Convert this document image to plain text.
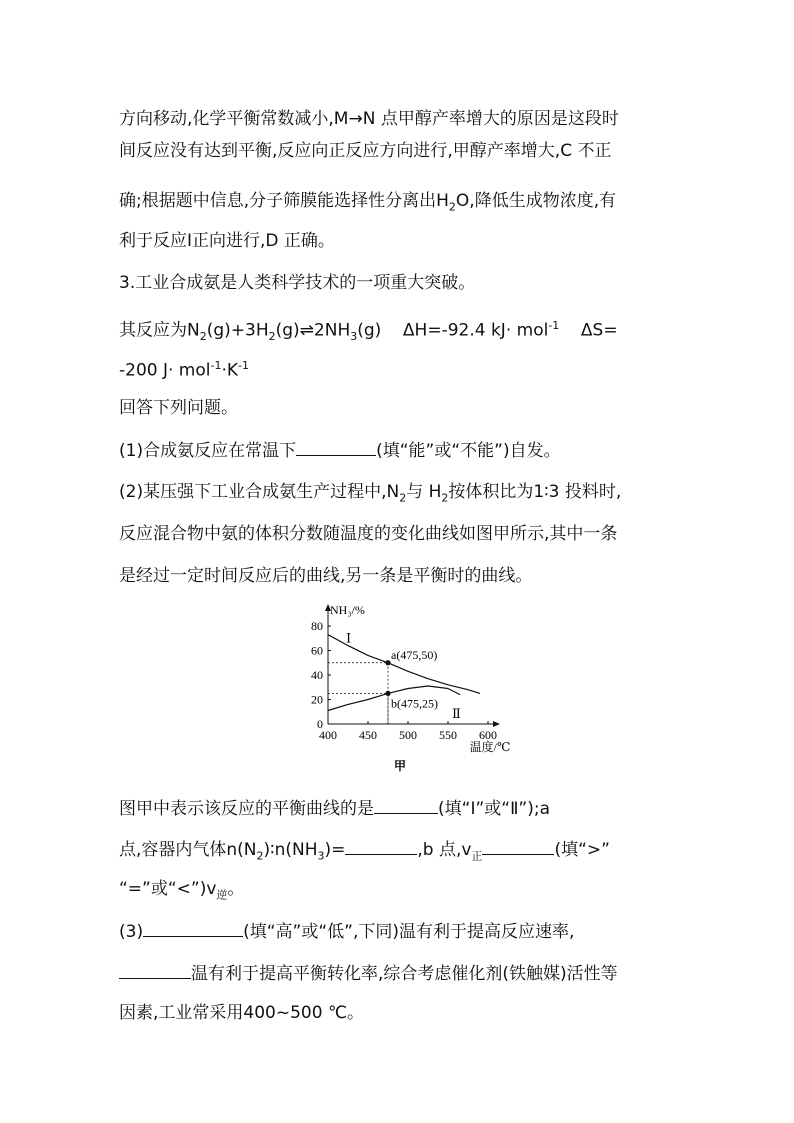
方向移动,化学平衡常数减小,M→N 点甲醇产率增大的原因是这段时
间反应没有达到平衡,反应向正反应方向进行,甲醇产率增大,C 不正
确;根据题中信息,分子筛膜能选择性分离出$H_2O$,降低生成物浓度,有
利于反应Ⅰ正向进行,D 正确。
3.工业合成氨是人类科学技术的一项重大突破。
其反应为$N_2(g)+3H_2(g)\rightleftharpoons 2NH_3(g)$    ΔH=-92.4 kJ· mol$^{-1}$    ΔS=
-200 $J\cdot mol^{-1}\cdot K^{-1}$
回答下列问题。
(1)合成氨反应在常温下	(填“能”或“不能”)自发。
(2)某压强下工业合成氨生产过程中$,N_2$与 $H_2$按体积比为1∶3 投料时,
反应混合物中氨的体积分数随温度的变化曲线如图甲所示,其中一条
是经过一定时间反应后的曲线,另一条是平衡时的曲线。
400 450 500 550 600
0
20
40
60
80
NH₃/%
温度/℃
甲
Ⅰ
Ⅱ
a(475,50)
b(475,25)
图甲中表示该反应的平衡曲线的是	(填“Ⅰ”或“Ⅱ”);a
点,容器内气体$n(N_2)∶n(NH_3)=$	,b 点$,v_正$	(填“>”
“=”或“$<”)v_逆$。
(3)	(填“高”或“低”,下同)温有利于提高反应速率,
温有利于提高平衡转化率,综合考虑催化剂(铁触媒)活性等
因素,工业常采用400~500 ℃。
